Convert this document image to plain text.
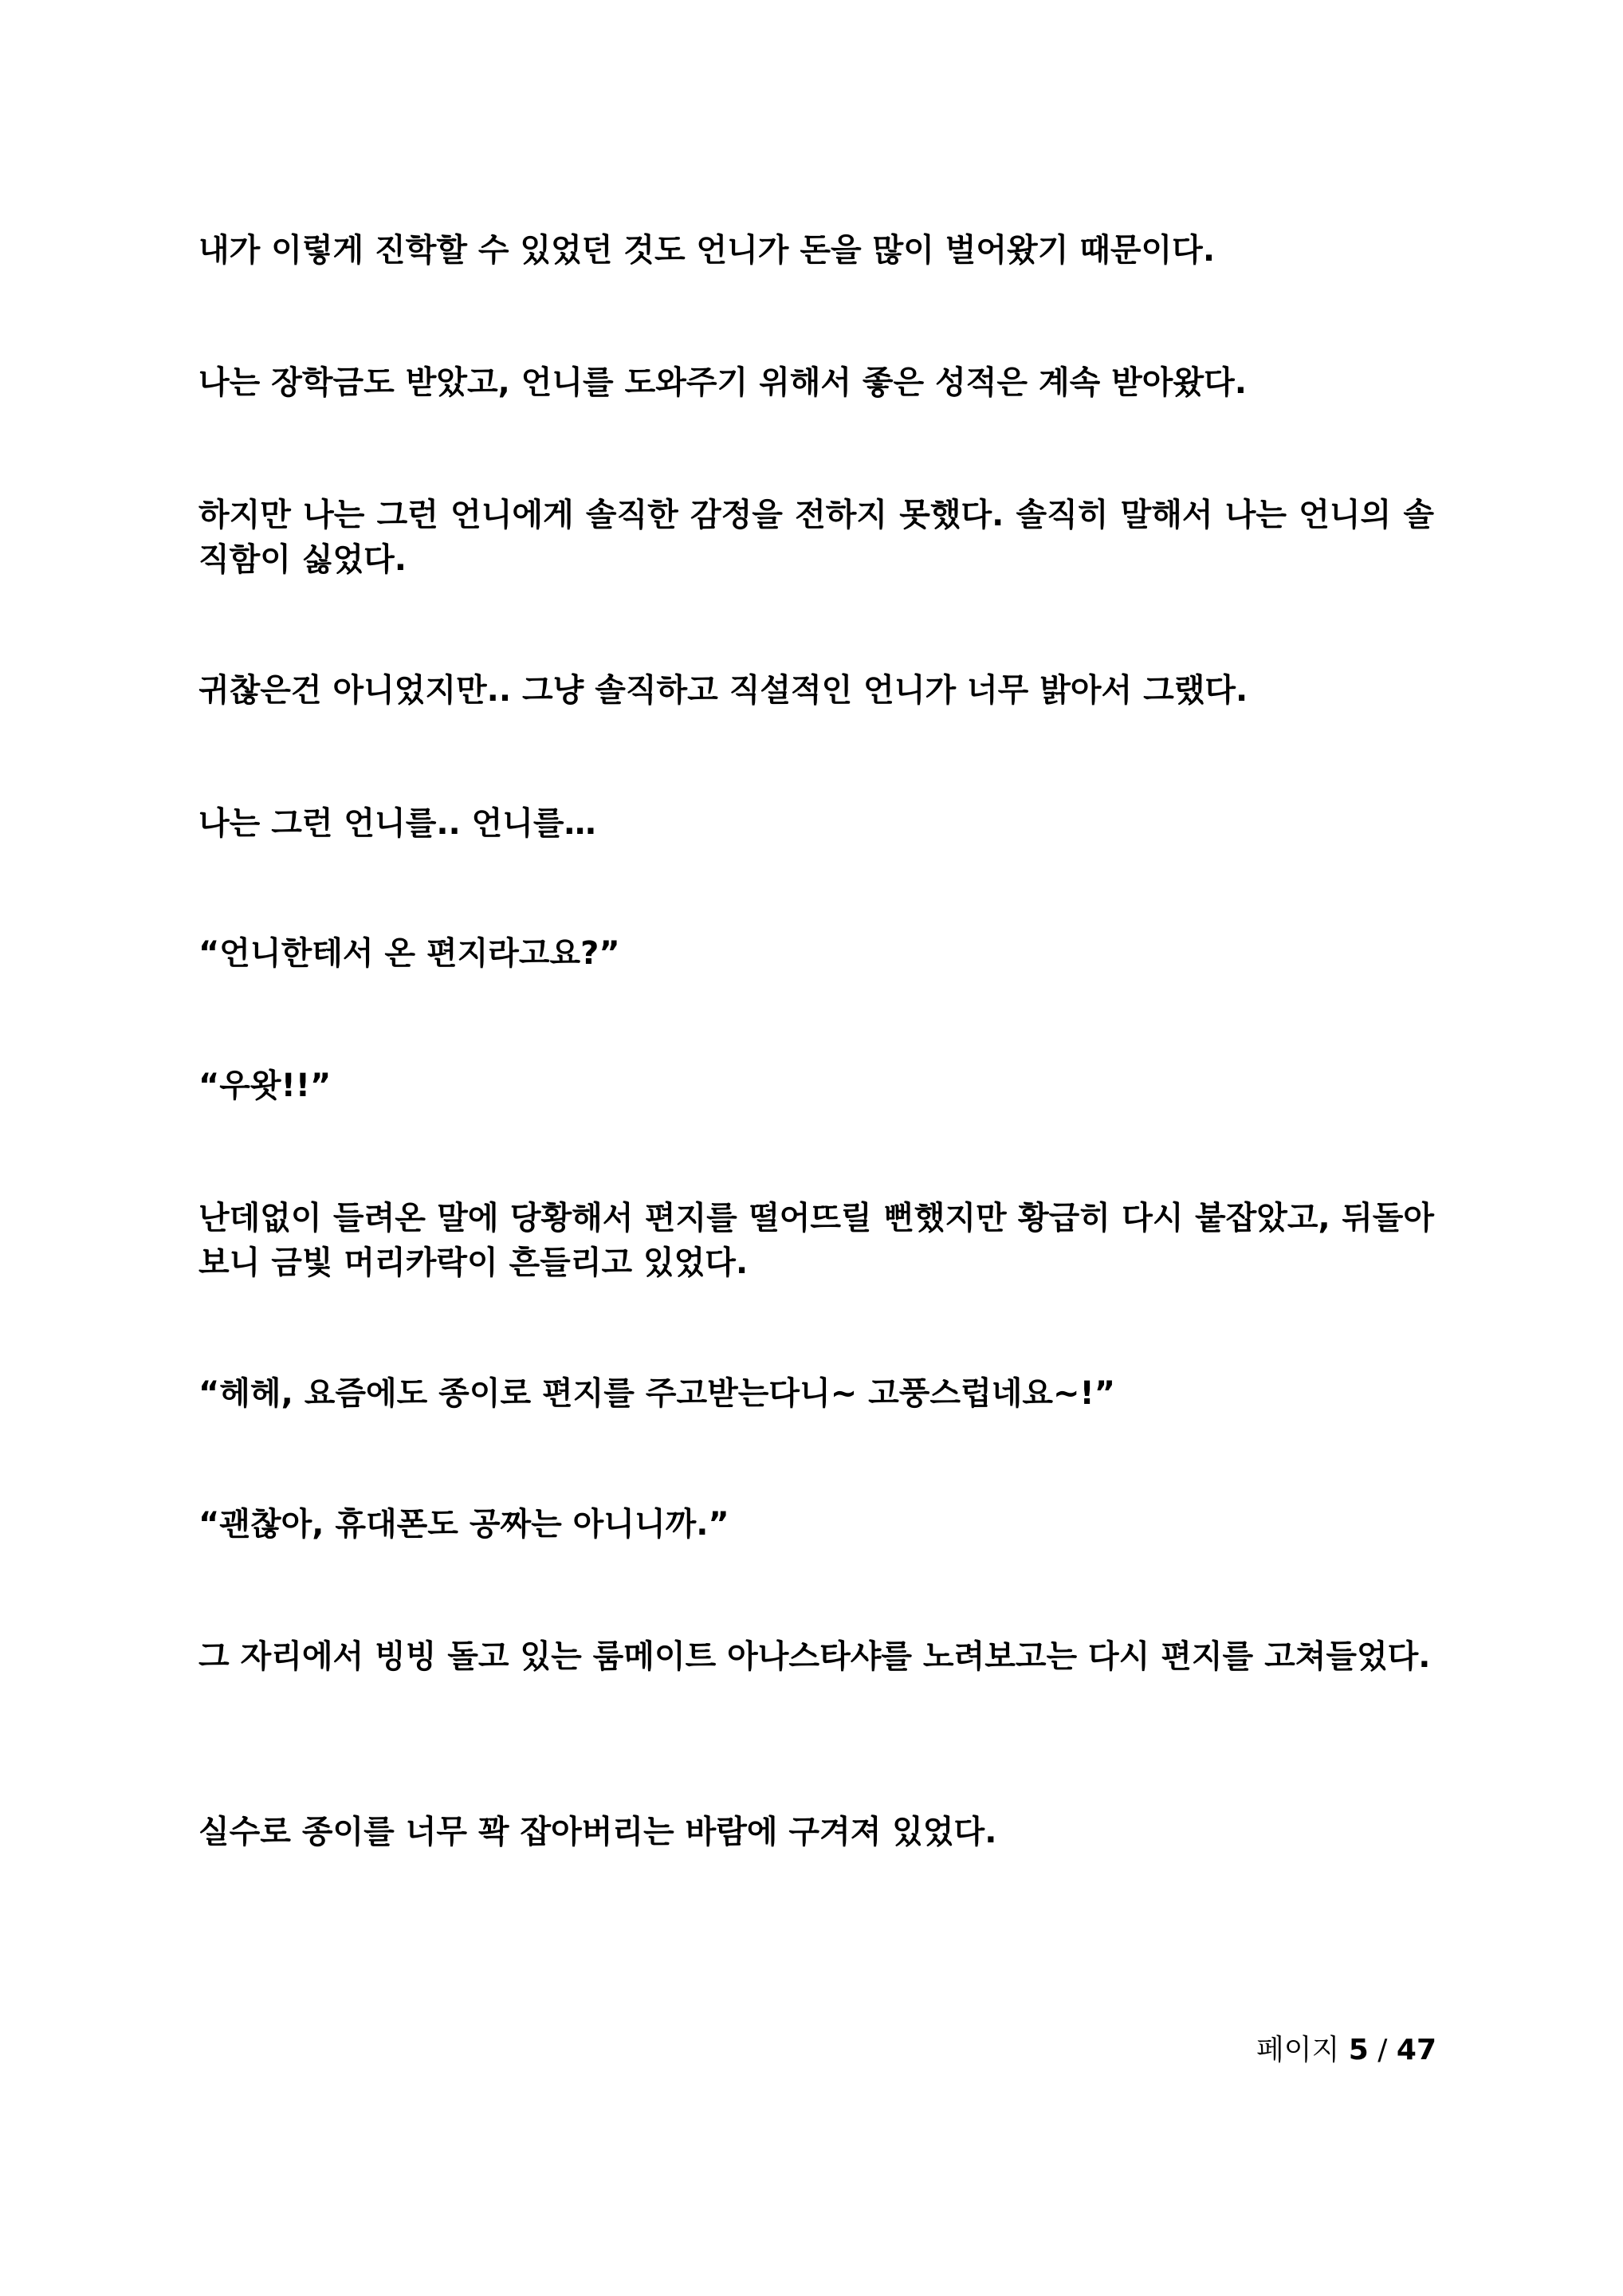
내가 이렇게 진학할 수 있었던 것도 언니가 돈을 많이 벌어왔기 때문이다.

나는 장학금도 받았고, 언니를 도와주기 위해서 좋은 성적은 계속 받아왔다.

하지만 나는 그런 언니에게 솔직한 감정을 전하지 못했다. 솔직히 말해서 나는 언니의 솔직함이 싫었다.

귀찮은건 아니었지만.. 그냥 솔직하고 직설적인 언니가 너무 밝아서 그랬다.

나는 그런 언니를.. 언니를…

“언니한테서 온 편지라고요?”

“우왓!!”

난데없이 들려온 말에 당황해서 편지를 떨어뜨릴 뻔했지만 황급히 다시 붙잡았고, 뒤돌아 보니 금빛 머리카락이 흔들리고 있었다.

“헤헤, 요즘에도 종이로 편지를 주고받는다니~ 고풍스럽네요~!”

“괜찮아, 휴대폰도 공짜는 아니니까.”

그 자리에서 빙빙 돌고 있는 룸메이트 아나스타샤를 노려보고는 다시 편지를 고쳐들었다.

실수로 종이를 너무 꽉 잡아버리는 바람에 구겨져 있었다.

페이지 5 / 47
